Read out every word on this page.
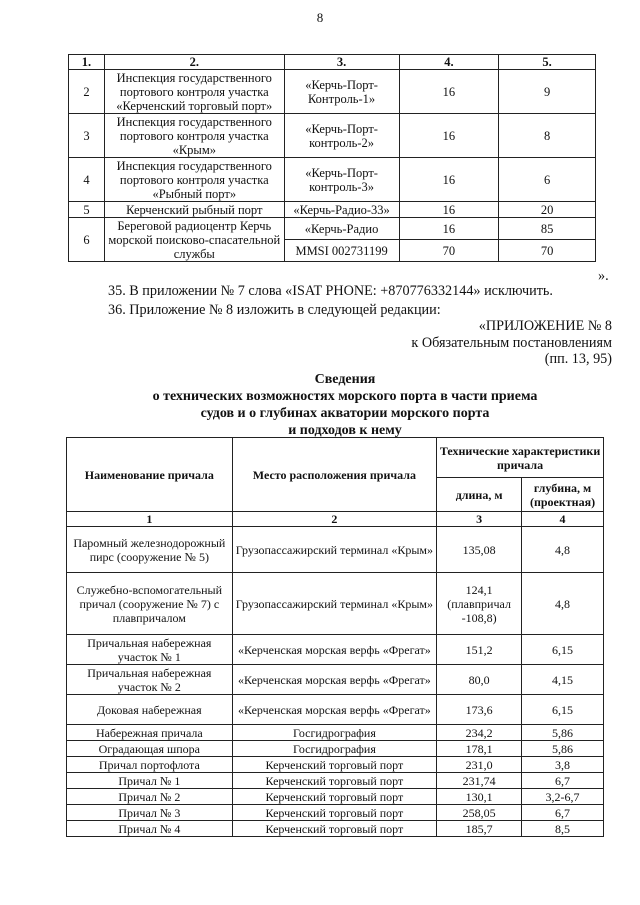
8
1.	2.	3.	4.	5.
2	Инспекция государственного портового контроля участка «Керченский торговый порт»	«Керчь-Порт-Контроль-1»	16	9
3	Инспекция государственного портового контроля участка «Крым»	«Керчь-Порт-контроль-2»	16	8
4	Инспекция государственного портового контроля участка «Рыбный порт»	«Керчь-Порт-контроль-3»	16	6
5	Керченский рыбный порт	«Керчь-Радио-33»	16	20
6	Береговой радиоцентр Керчь морской поисково-спасательной службы	«Керчь-Радио	16	85
		MMSI 002731199	70	70
».
35. В приложении № 7 слова «ISAT PHONE: +870776332144» исключить.
36. Приложение № 8 изложить в следующей редакции:
«ПРИЛОЖЕНИЕ № 8
к Обязательным постановлениям
(пп. 13, 95)
Сведения
о технических возможностях морского порта в части приема
судов и о глубинах акватории морского порта
и подходов к нему
Наименование причала	Место расположения причала	Технические характеристики причала	
		длина, м	глубина, м (проектная)
1	2	3	4
Паромный железнодорожный пирс (сооружение № 5)	Грузопассажирский терминал «Крым»	135,08	4,8
Служебно-вспомогательный причал (сооружение № 7) с плавпричалом	Грузопассажирский терминал «Крым»	124,1 (плавпричал -108,8)	4,8
Причальная набережная участок № 1	«Керченская морская верфь «Фрегат»	151,2	6,15
Причальная набережная участок № 2	«Керченская морская верфь «Фрегат»	80,0	4,15
Доковая набережная	«Керченская морская верфь «Фрегат»	173,6	6,15
Набережная причала	Госгидрография	234,2	5,86
Оградающая шпора	Госгидрография	178,1	5,86
Причал портофлота	Керченский торговый порт	231,0	3,8
Причал № 1	Керченский торговый порт	231,74	6,7
Причал № 2	Керченский торговый порт	130,1	3,2-6,7
Причал № 3	Керченский торговый порт	258,05	6,7
Причал № 4	Керченский торговый порт	185,7	8,5
